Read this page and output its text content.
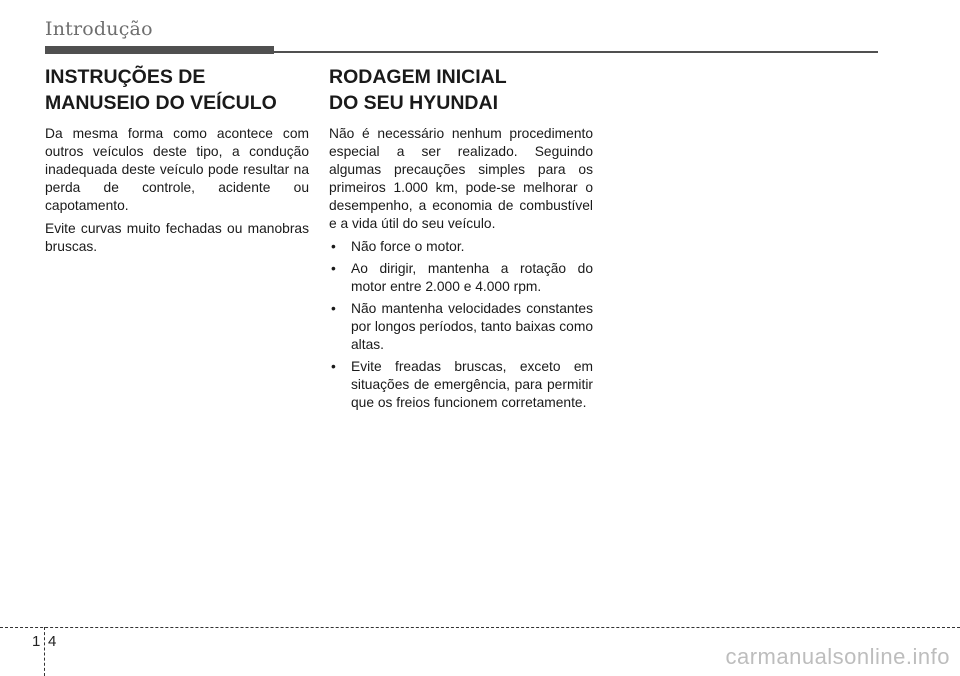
Introdução
INSTRUÇÕES DE
MANUSEIO DO VEÍCULO

Da mesma forma como acontece com outros veículos deste tipo, a condução inadequada deste veículo pode resultar na perda de controle, acidente ou capotamento.

Evite curvas muito fechadas ou manobras bruscas.

RODAGEM INICIAL
DO SEU HYUNDAI

Não é necessário nenhum procedimento especial a ser realizado. Seguindo algumas precauções simples para os primeiros 1.000 km, pode-se melhorar o desempenho, a economia de combustível e a vida útil do seu veículo.

• Não force o motor.
• Ao dirigir, mantenha a rotação do motor entre 2.000 e 4.000 rpm.
• Não mantenha velocidades constantes por longos períodos, tanto baixas como altas.
• Evite freadas bruscas, exceto em situações de emergência, para permitir que os freios funcionem corretamente.
1 4
carmanualsonline.info
